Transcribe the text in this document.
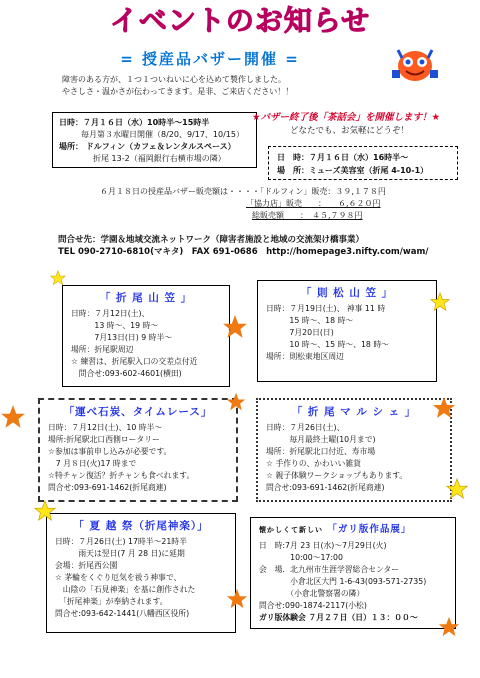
イベントのお知らせ
= 授産品バザー開催 =

障害のある方が、１つ１ついねいに心を込めて製作しました。

やさしさ・温かさが伝わってきます。是非、ご来店ください！！

日時：７月１６日（水）10時半～15時半

毎月第３水曜日開催（8/20、9/17、10/15）

場所： ドルフィン（カフェ＆レンタルスペース）

折尾 13-2（福岡銀行右横市場の隣）

★バザー終了後「茶話会」を開催します！★
どなたでも、お気軽にどうぞ！

日　時：７月１６日（水）16時半～

場　所：ミューズ美容室（折尾 4-10-1）

６月１８日の授産品バザー販売額は・・・・「ドルフィン」販売：３９,１７８円

「協力店」販売　　：　　６,６２０円

総販売額　　：　４５,７９８円

問合せ先：学園＆地域交流ネットワーク（障害者施設と地域の交流架け橋事業）

TEL 090-2710-6810(マキタ)　FAX 691-0686　http://homepage3.nifty.com/wam/

「 折 尾 山 笠 」

日時：７月12日(土)、

　　　13 時～、19 時～

　　　7月13日(日) 9 時半～

場所：折尾駅周辺

☆ 練習は、折尾駅入口の交差点付近

　問合せ:093-602-4601(横田)

「 則 松 山 笠 」

日時：７月19日(土)、 神事 11 時

　　　15 時～、18 時～

　　　7月20日(日)

　　　10 時～、15 時～、18 時～

場所：則松東地区周辺

「運べ石炭、タイムレース」

日時：７月12日(土)、10 時半～

場所:折尾駅北口西側ロータリー

☆参加は事前申し込みが必要です。

　7 月８日(火)17 時まで

☆特チャン復活？折チャンも食べれます。

問合せ:093-691-1462(折尾商連)

「 折 尾 マ ル シ ェ 」

日時：７月26日(土)、

　　　毎月最終土曜(10月まで)

場所：折尾駅北口付近、寿市場

☆ 手作りの、かわいい雑貨

☆ 親子体験ワークショップもあります。

問合せ:093-691-1462(折尾商連)

「 夏 越 祭（折尾神楽）」

日時：７月26日(土) 17時半～21時半

　　　雨天は翌日(7 月 28 日)に延期

会場：折尾西公園

☆ 茅輪をくぐり厄気を祓う神事で、

　山陰の「石見神楽」を基に創作された

　「折尾神楽」が奉納されます。

問合せ:093-642-1441(八幡西区役所)

懐かしくて新しい 「ガリ版作品展」

日　時:7月 23 日(水)～7月29日(火)

　　　　10:00～17:00

会　場．北九州市生涯学習総合センター

　　　　小倉北区大門 1-6-43(093-571-2735)

　　　　（小倉北警察署の隣）

問合せ:090-1874-2117(小松)

ガリ版体験会 ７月２７日（日）１３：００～
